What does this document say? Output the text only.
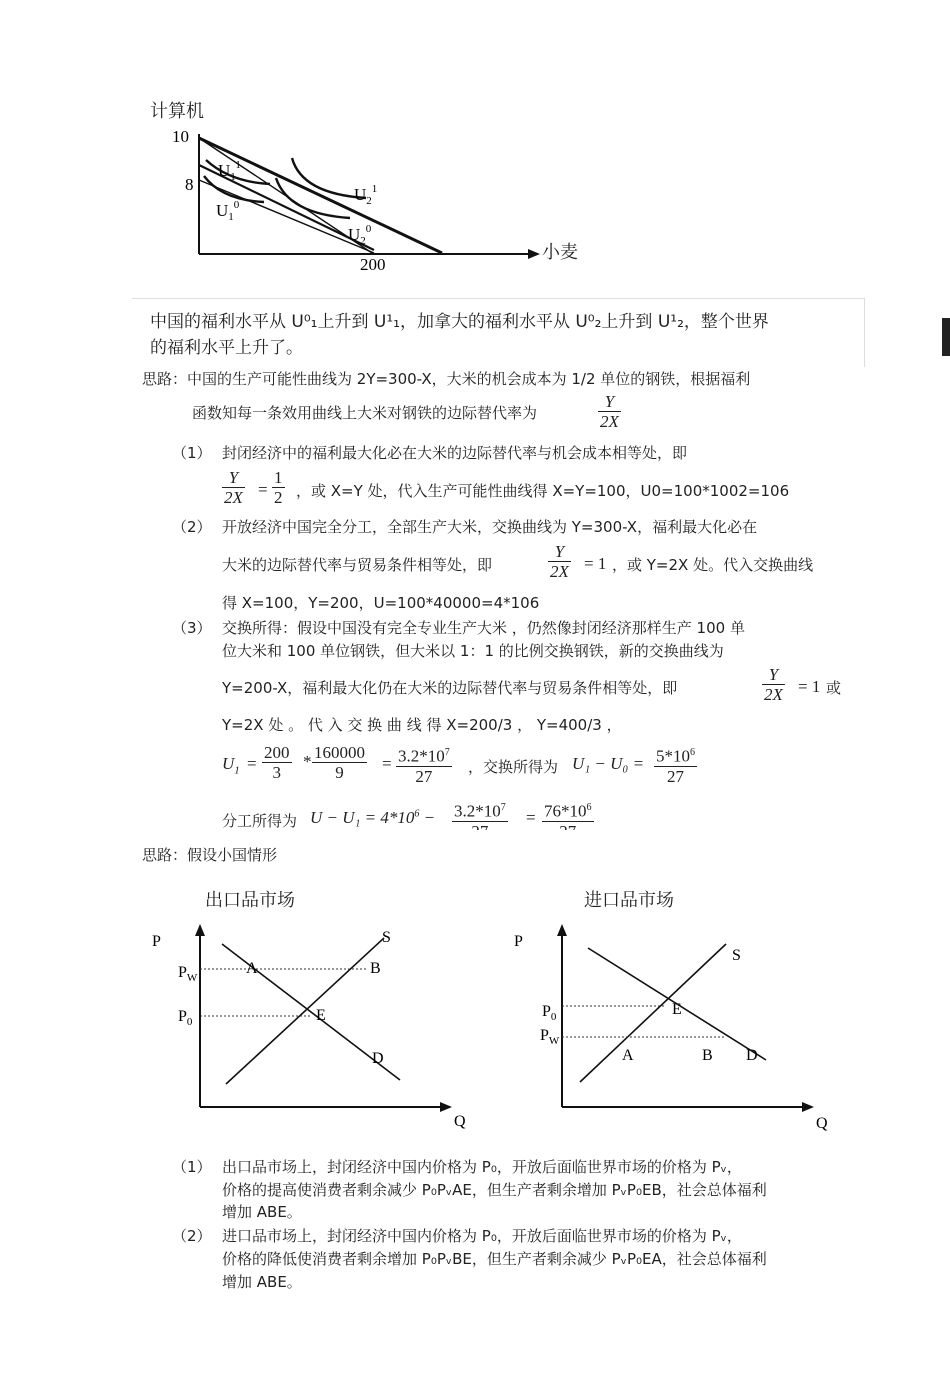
计算机
10
8
200
$U_1^1$
$U_1^0$
$U_2^1$
$U_2^0$
小麦
中国的福利水平从 U⁰₁上升到 U¹₁，加拿大的福利水平从 U⁰₂上升到 U¹₂，整个世界
的福利水平上升了。
思路：中国的生产可能性曲线为 2Y=300-X，大米的机会成本为 1/2 单位的钢铁，根据福利
函数知每一条效用曲线上大米对钢铁的边际替代率为	$\frac{Y}{2X}$
（1） 封闭经济中的福利最大化必在大米的边际替代率与机会成本相等处，即
$\frac{Y}{2X} = \frac{1}{2}$ ，或 X=Y 处，代入生产可能性曲线得 X=Y=100，U0=100*1002=106
（2） 开放经济中国完全分工，全部生产大米，交换曲线为 Y=300-X，福利最大化必在
大米的边际替代率与贸易条件相等处，即	$\frac{Y}{2X} = 1$ ，或 Y=2X 处。代入交换曲线
得 X=100，Y=200，U=100*40000=4*106
（3） 交换所得：假设中国没有完全专业生产大米 ，仍然像封闭经济那样生产 100 单
位大米和 100 单位钢铁，但大米以 1：1 的比例交换钢铁，新的交换曲线为
Y=200-X，福利最大化仍在大米的边际替代率与贸易条件相等处，即	$\frac{Y}{2X} = 1$ 或
Y=2X 处 。 代 入 交 换 曲 线 得 X=200/3 ， Y=400/3 ，
$U_1 = \frac{200}{3} * \frac{160000}{9} = \frac{3.2*10^7}{27}$ ，交换所得为 $U_1 - U_0 = \frac{5*10^6}{27}$
分工所得为 $U - U_1 = 4*10^6 - 3.2*10^7$
= $76*10^6$
思路：假设小国情形
出口品市场
P
$P_W$
$P_0$
A	B
E
D
S
Q
进口品市场
P
$P_0$
$P_W$
A	B
E
D
S
Q
（1） 出口品市场上，封闭经济中国内价格为 P₀，开放后面临世界市场的价格为 Pᵥ，
价格的提高使消费者剩余减少 P₀PᵥAE，但生产者剩余增加 PᵥP₀EB，社会总体福利
增加 ABE。
（2） 进口品市场上，封闭经济中国内价格为 P₀，开放后面临世界市场的价格为 Pᵥ，
价格的降低使消费者剩余增加 P₀PᵥBE，但生产者剩余减少 PᵥP₀EA，社会总体福利
增加 ABE。
